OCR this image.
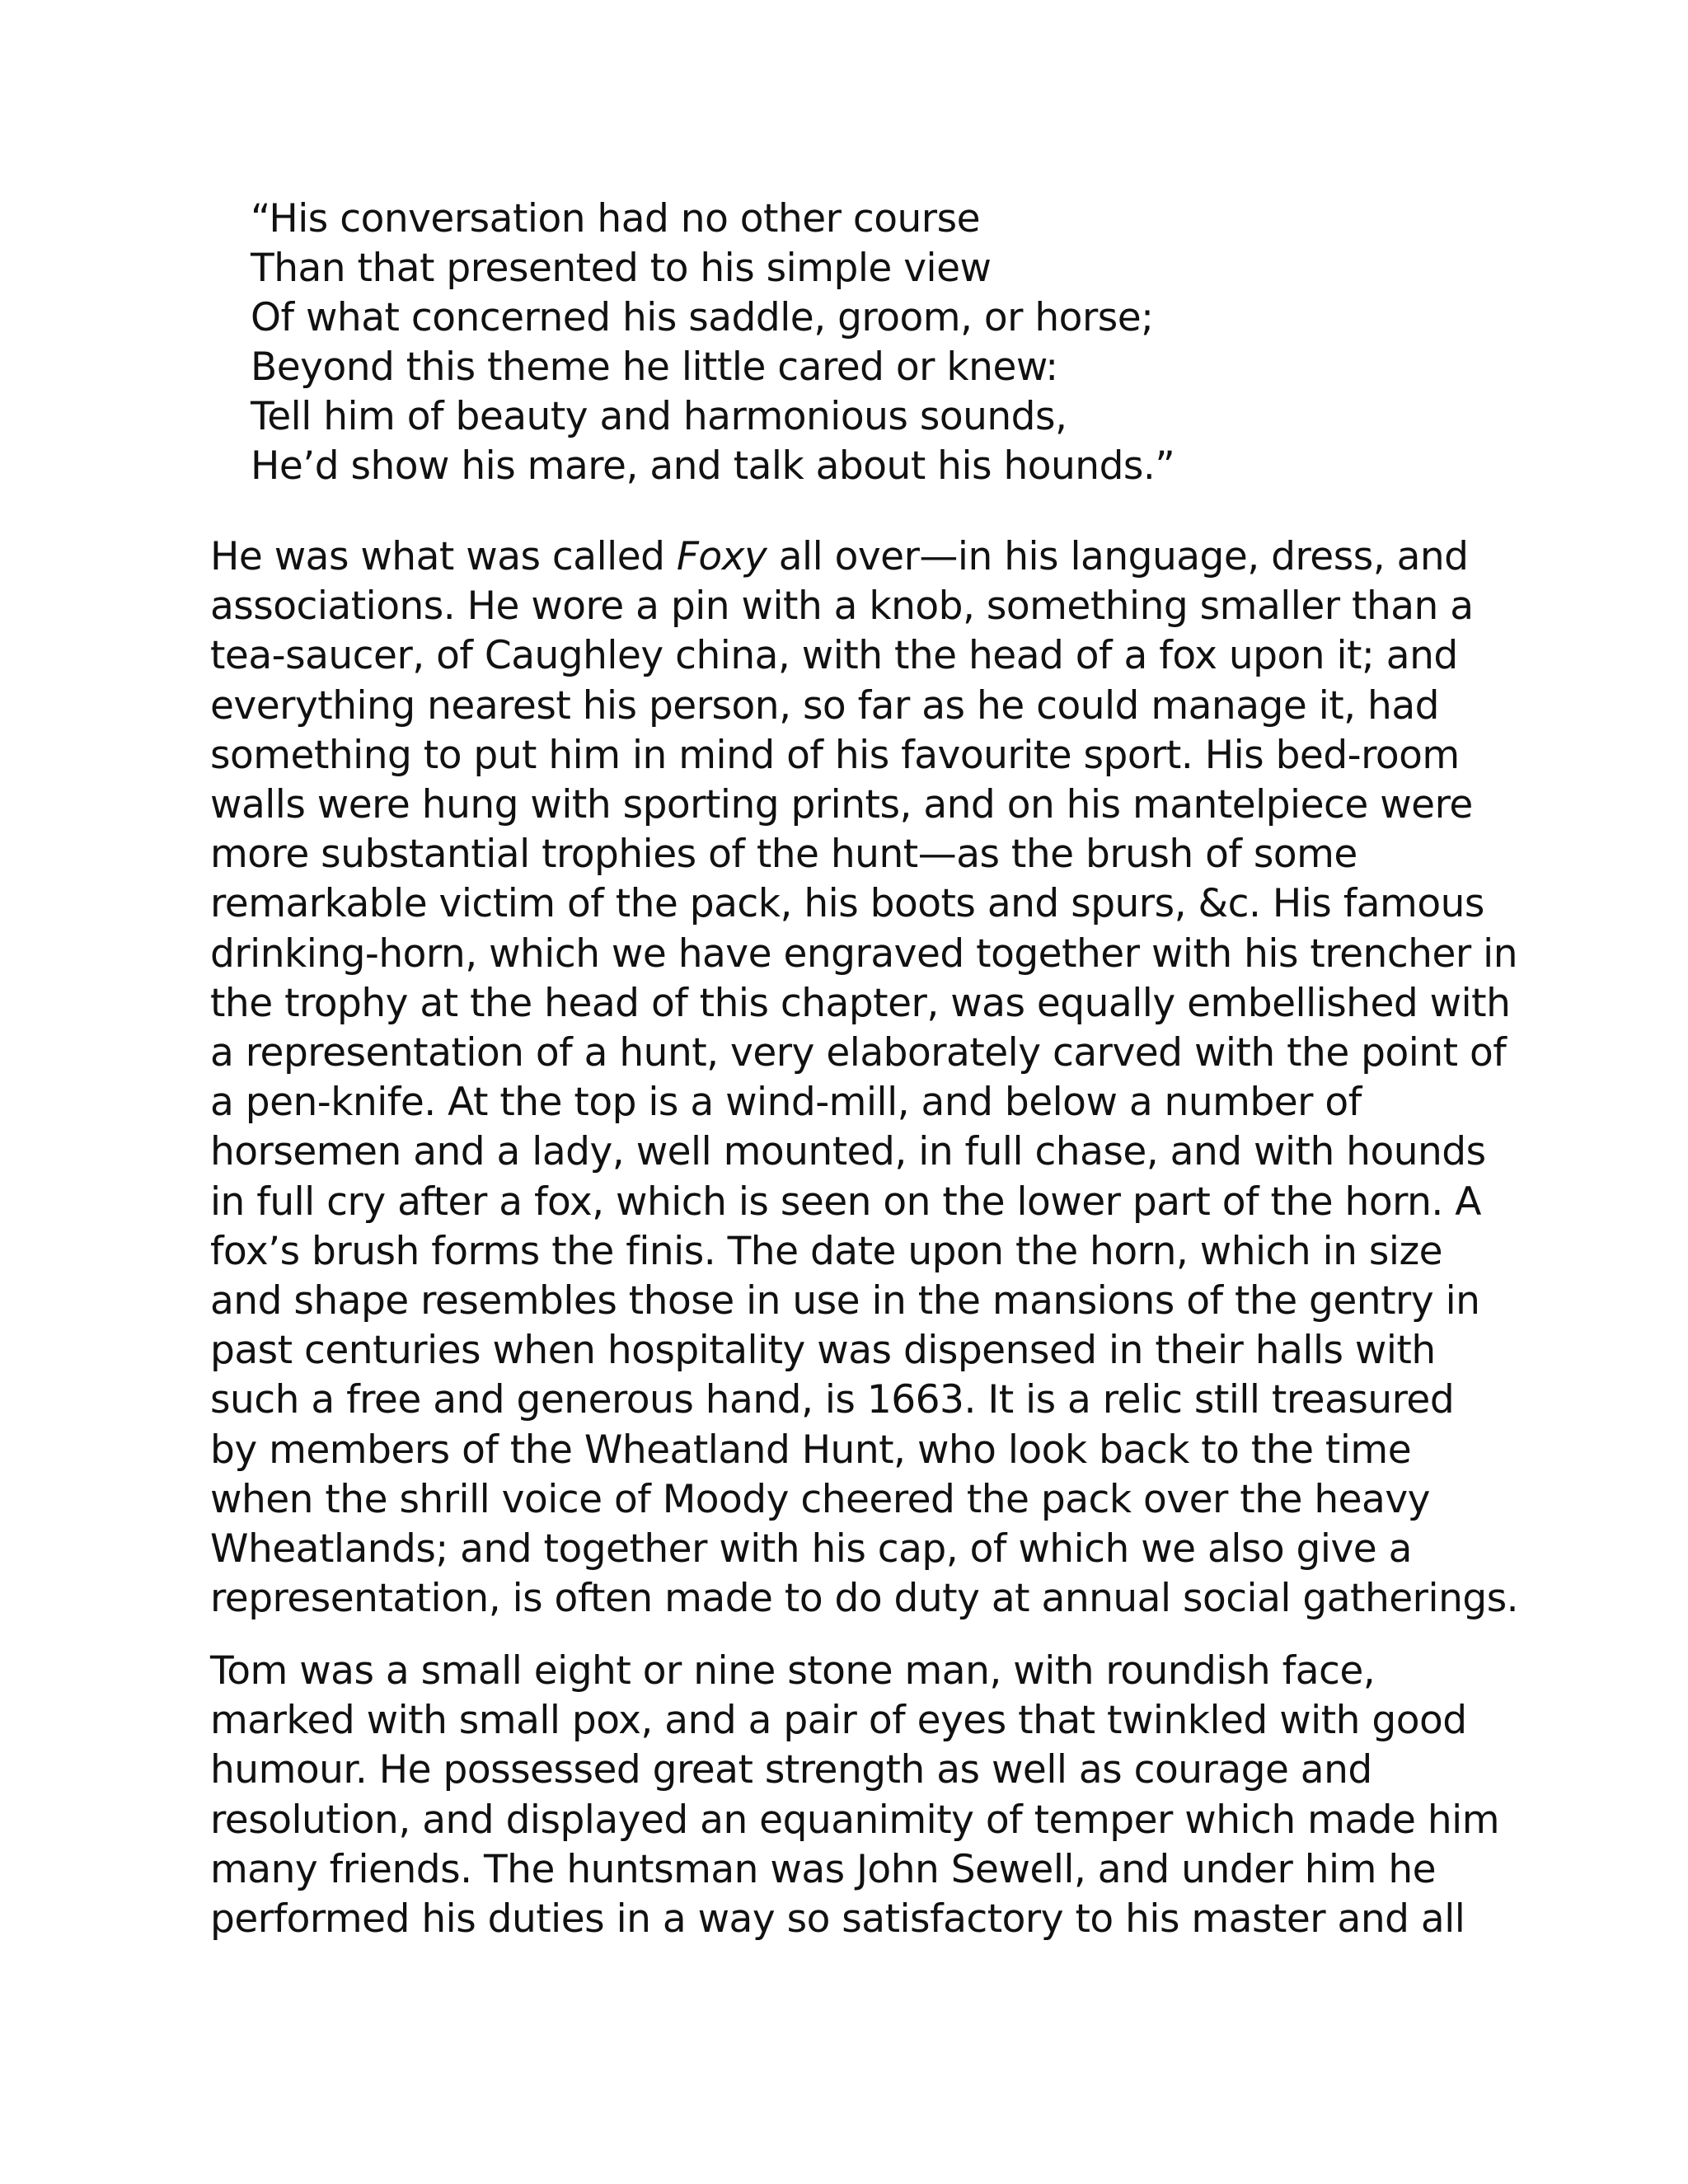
“His conversation had no other course
Than that presented to his simple view
Of what concerned his saddle, groom, or horse;
Beyond this theme he little cared or knew:
Tell him of beauty and harmonious sounds,
He’d show his mare, and talk about his hounds.”
He was what was called Foxy all over—in his language, dress, and
associations. He wore a pin with a knob, something smaller than a
tea-saucer, of Caughley china, with the head of a fox upon it; and
everything nearest his person, so far as he could manage it, had
something to put him in mind of his favourite sport. His bed-room
walls were hung with sporting prints, and on his mantelpiece were
more substantial trophies of the hunt—as the brush of some
remarkable victim of the pack, his boots and spurs, &c. His famous
drinking-horn, which we have engraved together with his trencher in
the trophy at the head of this chapter, was equally embellished with
a representation of a hunt, very elaborately carved with the point of
a pen-knife. At the top is a wind-mill, and below a number of
horsemen and a lady, well mounted, in full chase, and with hounds
in full cry after a fox, which is seen on the lower part of the horn. A
fox’s brush forms the finis. The date upon the horn, which in size
and shape resembles those in use in the mansions of the gentry in
past centuries when hospitality was dispensed in their halls with
such a free and generous hand, is 1663. It is a relic still treasured
by members of the Wheatland Hunt, who look back to the time
when the shrill voice of Moody cheered the pack over the heavy
Wheatlands; and together with his cap, of which we also give a
representation, is often made to do duty at annual social gatherings.
Tom was a small eight or nine stone man, with roundish face,
marked with small pox, and a pair of eyes that twinkled with good
humour. He possessed great strength as well as courage and
resolution, and displayed an equanimity of temper which made him
many friends. The huntsman was John Sewell, and under him he
performed his duties in a way so satisfactory to his master and all
